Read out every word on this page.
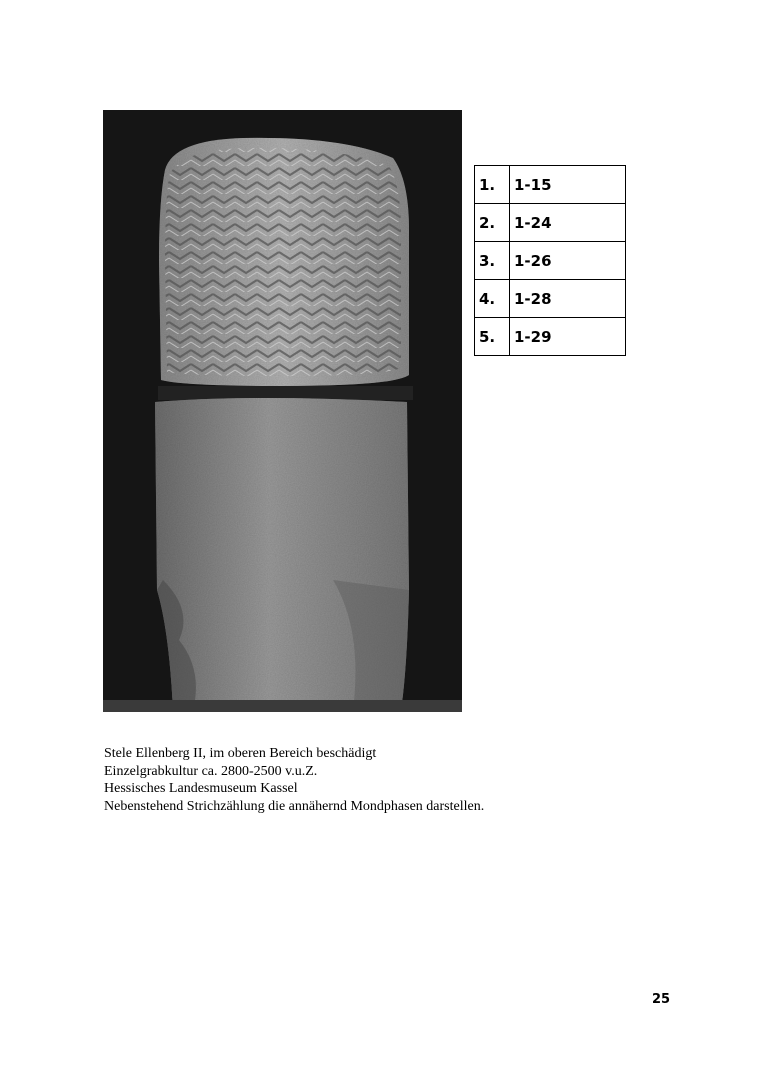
1.	1-15
2.	1-24
3.	1-26
4.	1-28
5.	1-29
Stele Ellenberg II, im oberen Bereich beschädigt
Einzelgrabkultur ca. 2800-2500 v.u.Z.
Hessisches Landesmuseum Kassel
Nebenstehend Strichzählung die annähernd Mondphasen darstellen.
25
